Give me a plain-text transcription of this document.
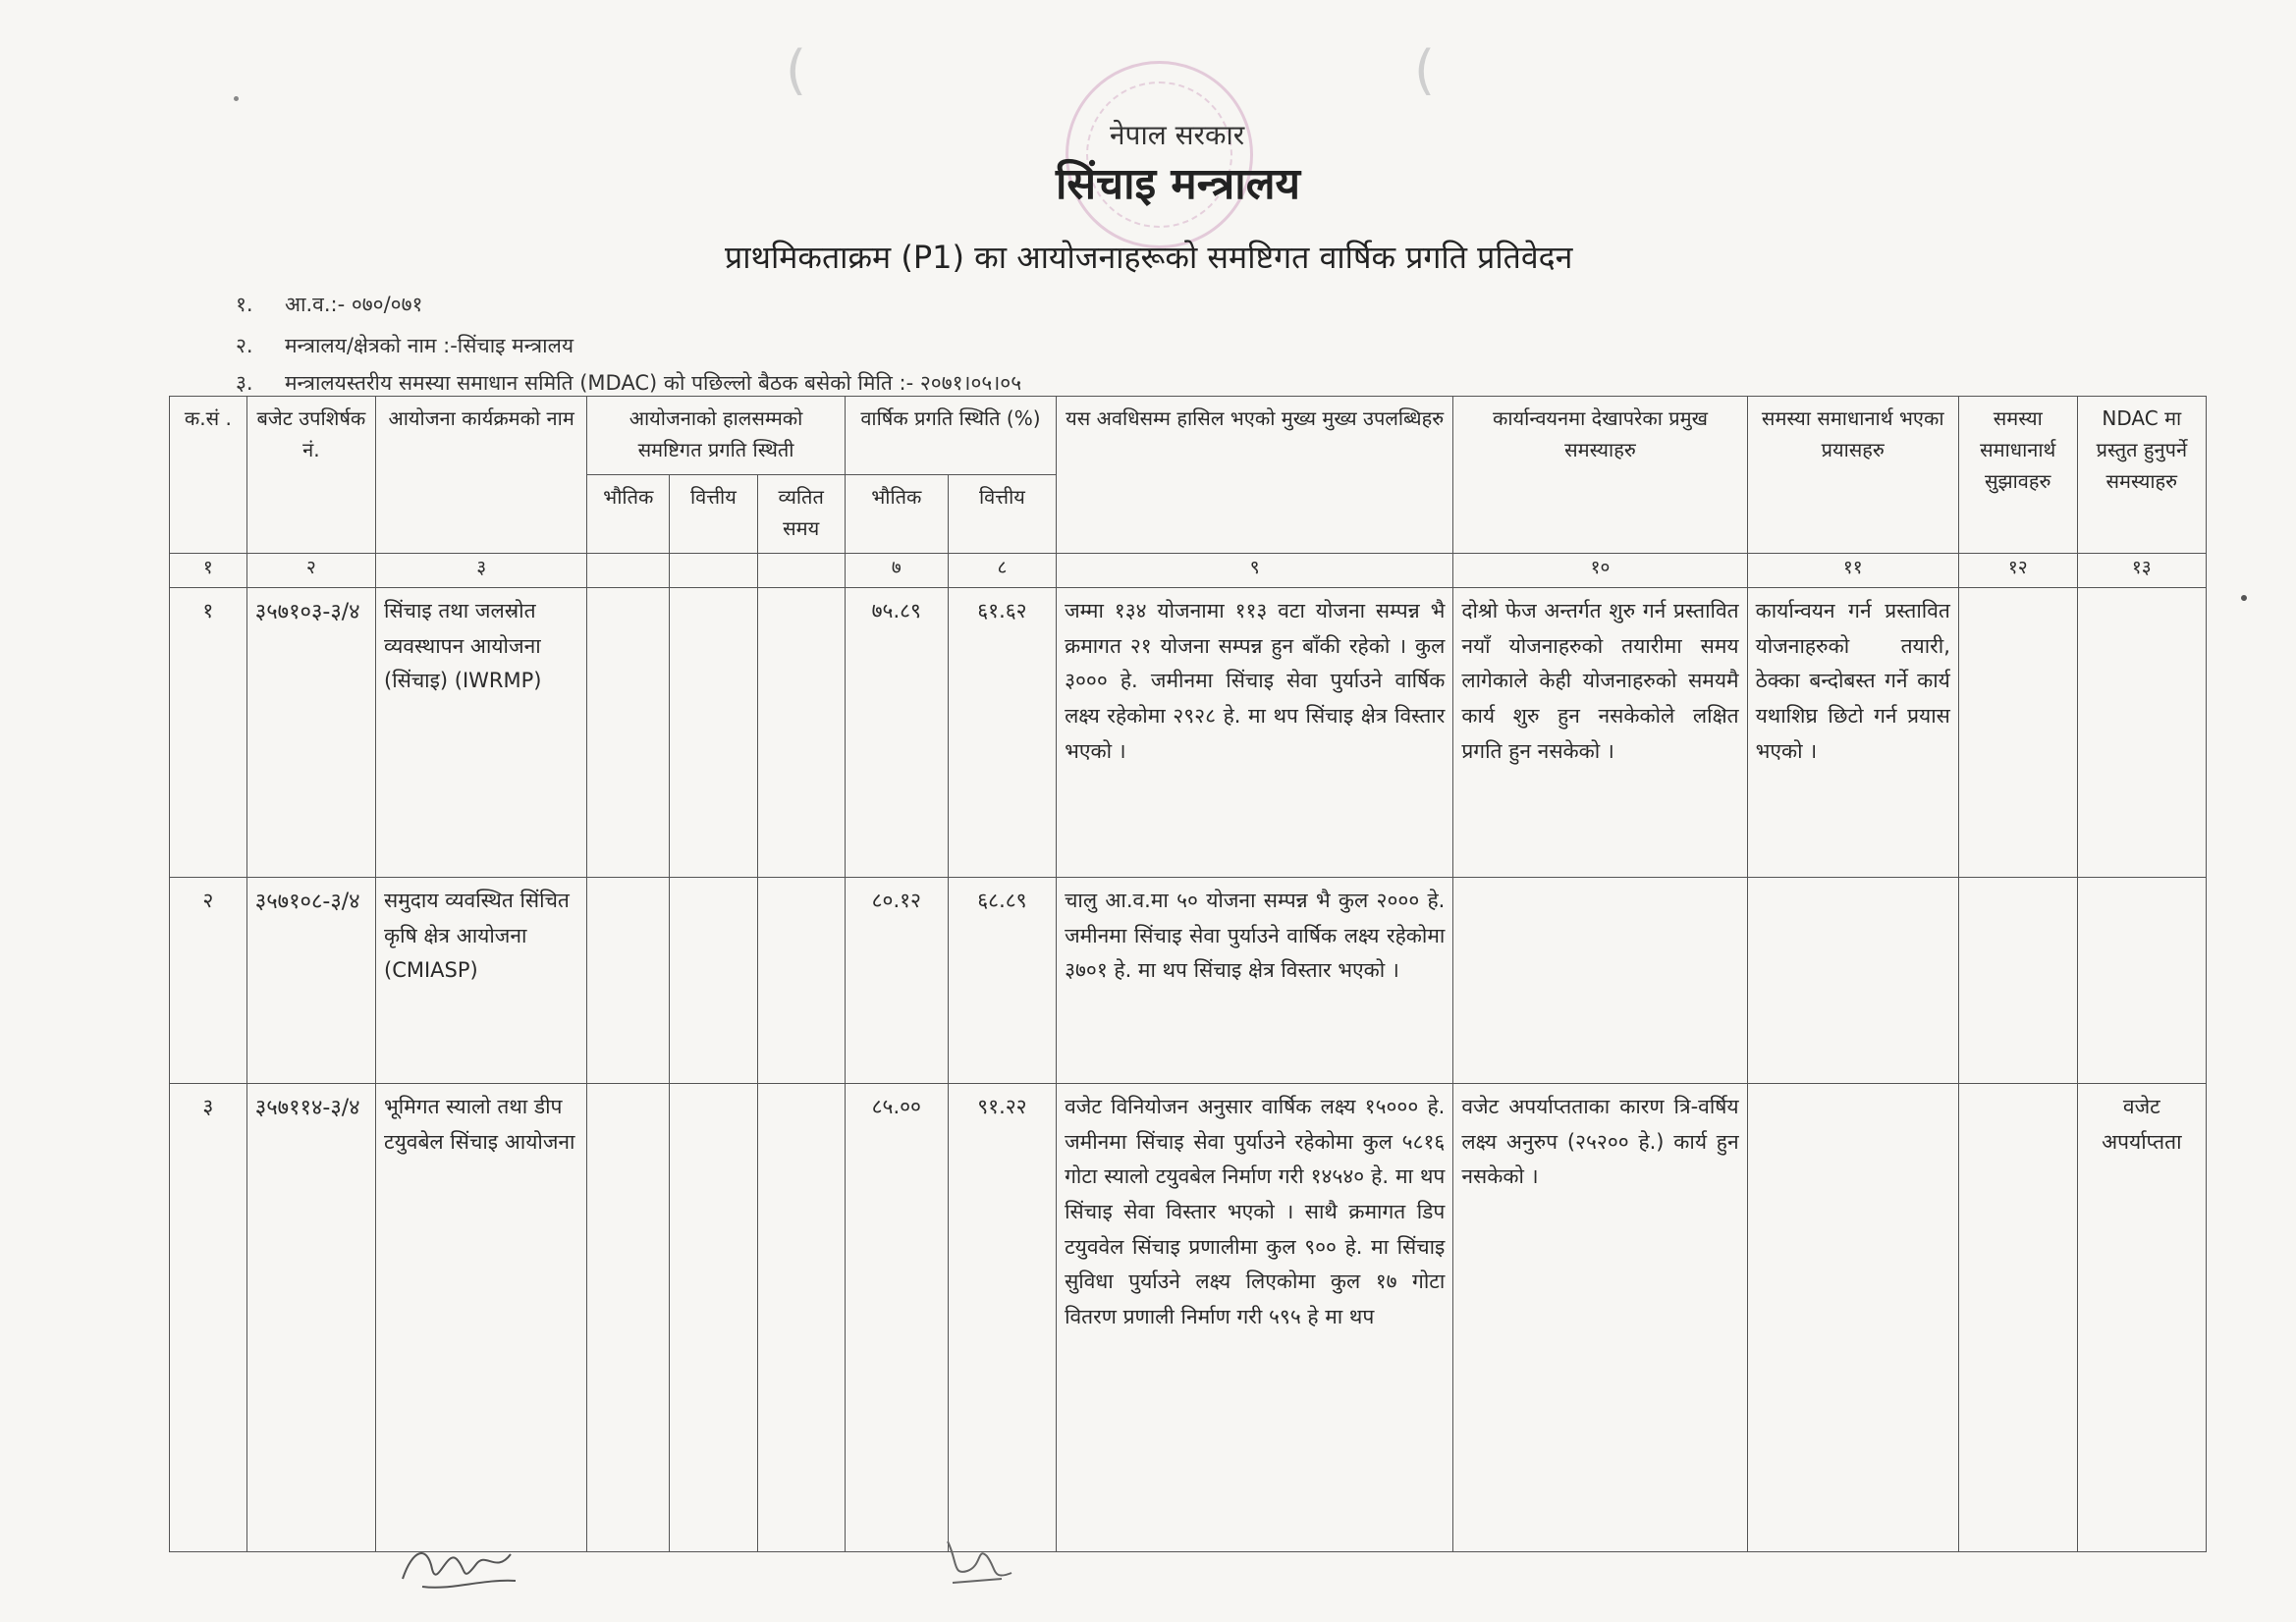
(	(
नेपाल सरकार
सिंचाइ मन्त्रालय
प्राथमिकताक्रम (P1) का आयोजनाहरूको समष्टिगत वार्षिक प्रगति प्रतिवेदन
१. आ.व.:- ०७०/०७१
२. मन्त्रालय/क्षेत्रको नाम :-सिंचाइ मन्त्रालय
३. मन्त्रालयस्तरीय समस्या समाधान समिति (MDAC) को पछिल्लो बैठक बसेको मिति :- २०७१।०५।०५
क.सं .	बजेट उपशिर्षक नं.	आयोजना कार्यक्रमको नाम	आयोजनाको हालसम्मको समष्टिगत प्रगति स्थिती			वार्षिक प्रगति स्थिति (%)		यस अवधिसम्म हासिल भएको मुख्य मुख्य उपलब्धिहरु	कार्यान्वयनमा देखापरेका प्रमुख समस्याहरु	समस्या समाधानार्थ भएका प्रयासहरु	समस्या समाधानार्थ सुझावहरु	NDAC मा प्रस्तुत हुनुपर्ने समस्याहरु
			भौतिक	वित्तीय	व्यतित समय	भौतिक	वित्तीय					
१	२	३				७	८	९	१०	११	१२	१३
१	३५७१०३-३/४	सिंचाइ तथा जलस्रोत व्यवस्थापन आयोजना (सिंचाइ) (IWRMP)				७५.८९	६१.६२	जम्मा १३४ योजनामा ११३ वटा योजना सम्पन्न भै क्रमागत २१ योजना सम्पन्न हुन बाँकी रहेको । कुल ३००० हे. जमीनमा सिंचाइ सेवा पुर्याउने वार्षिक लक्ष्य रहेकोमा २९२८ हे. मा थप सिंचाइ क्षेत्र विस्तार भएको ।	दोश्रो फेज अन्तर्गत शुरु गर्न प्रस्तावित नयाँ योजनाहरुको तयारीमा समय लागेकाले केही योजनाहरुको समयमै कार्य शुरु हुन नसकेकोले लक्षित प्रगति हुन नसकेको ।	कार्यान्वयन गर्न प्रस्तावित योजनाहरुको तयारी, ठेक्का बन्दोबस्त गर्ने कार्य यथाशिघ्र छिटो गर्न प्रयास भएको ।		
२	३५७१०८-३/४	समुदाय व्यवस्थित सिंचित कृषि क्षेत्र आयोजना (CMIASP)				८०.१२	६८.८९	चालु आ.व.मा ५० योजना सम्पन्न भै कुल २००० हे. जमीनमा सिंचाइ सेवा पुर्याउने वार्षिक लक्ष्य रहेकोमा ३७०१ हे. मा थप सिंचाइ क्षेत्र विस्तार भएको ।				
३	३५७११४-३/४	भूमिगत स्यालो तथा डीप टयुवबेल सिंचाइ आयोजना				८५.००	९१.२२	वजेट विनियोजन अनुसार वार्षिक लक्ष्य १५००० हे. जमीनमा सिंचाइ सेवा पुर्याउने रहेकोमा कुल ५८१६ गोटा स्यालो टयुवबेल निर्माण गरी १४५४० हे. मा थप सिंचाइ सेवा विस्तार भएको । साथै क्रमागत डिप टयुववेल सिंचाइ प्रणालीमा कुल ९०० हे. मा सिंचाइ सुविधा पुर्याउने लक्ष्य लिएकोमा कुल १७ गोटा वितरण प्रणाली निर्माण गरी ५९५ हे मा थप	वजेट अपर्याप्तताका कारण त्रि-वर्षिय लक्ष्य अनुरुप (२५२०० हे.) कार्य हुन नसकेको ।			वजेट अपर्याप्तता
